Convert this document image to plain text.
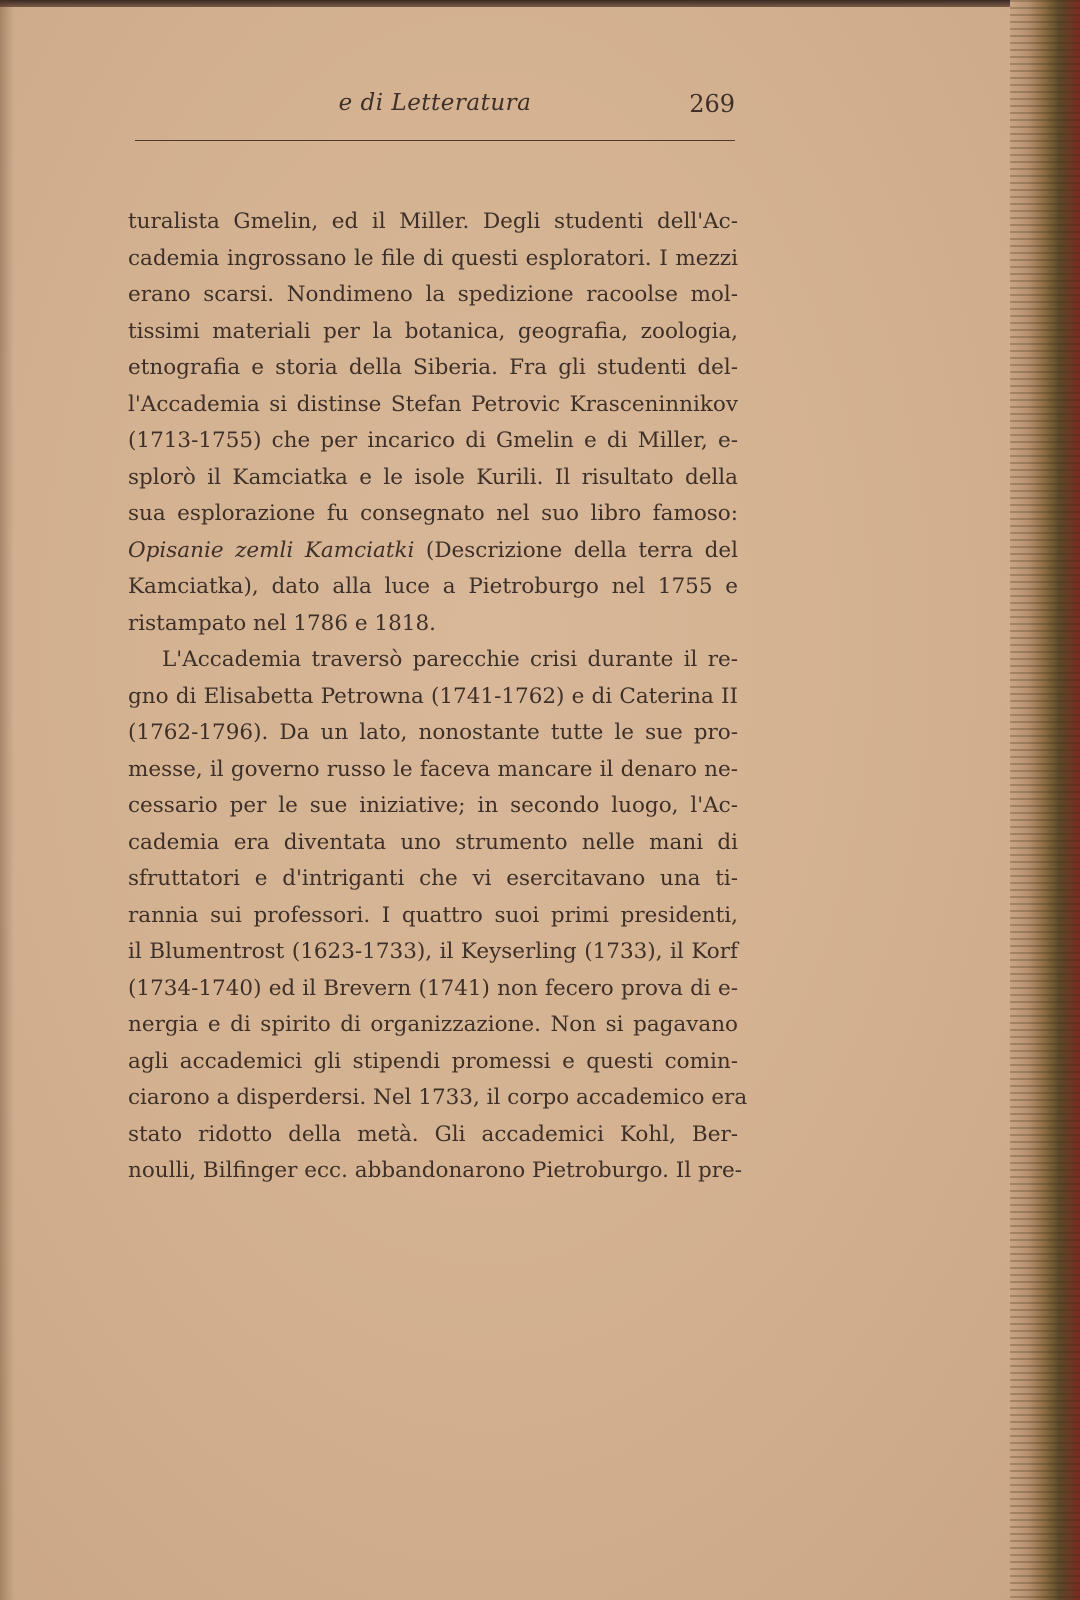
e di Letteratura	269
turalista Gmelin, ed il Miller. Degli studenti dell'Ac-
cademia ingrossano le file di questi esploratori. I mezzi
erano scarsi. Nondimeno la spedizione racoolse mol-
tissimi materiali per la botanica, geografia, zoologia,
etnografia e storia della Siberia. Fra gli studenti del-
l'Accademia si distinse Stefan Petrovic Krasceninnikov
(1713-1755) che per incarico di Gmelin e di Miller, e-
splorò il Kamciatka e le isole Kurili. Il risultato della
sua esplorazione fu consegnato nel suo libro famoso:
Opisanie zemli Kamciatki (Descrizione della terra del
Kamciatka), dato alla luce a Pietroburgo nel 1755 e
ristampato nel 1786 e 1818.
L'Accademia traversò parecchie crisi durante il re-
gno di Elisabetta Petrowna (1741-1762) e di Caterina II
(1762-1796). Da un lato, nonostante tutte le sue pro-
messe, il governo russo le faceva mancare il denaro ne-
cessario per le sue iniziative; in secondo luogo, l'Ac-
cademia era diventata uno strumento nelle mani di
sfruttatori e d'intriganti che vi esercitavano una ti-
rannia sui professori. I quattro suoi primi presidenti,
il Blumentrost (1623-1733), il Keyserling (1733), il Korf
(1734-1740) ed il Brevern (1741) non fecero prova di e-
nergia e di spirito di organizzazione. Non si pagavano
agli accademici gli stipendi promessi e questi comin-
ciarono a disperdersi. Nel 1733, il corpo accademico era
stato ridotto della metà. Gli accademici Kohl, Ber-
noulli, Bilfinger ecc. abbandonarono Pietroburgo. Il pre-
